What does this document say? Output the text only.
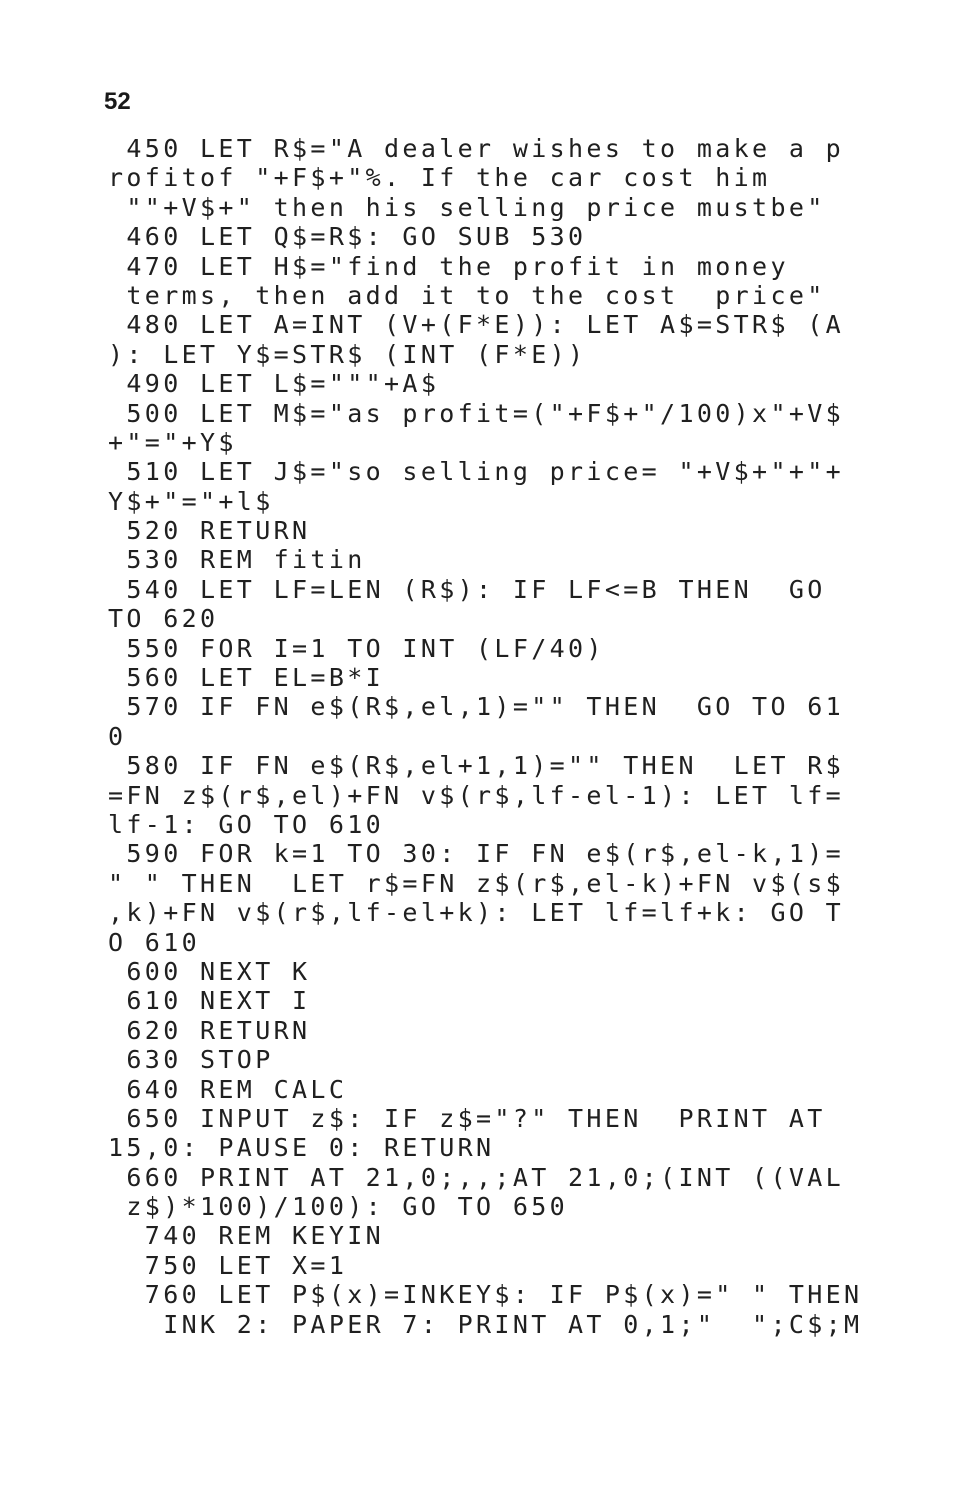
52
450 LET R$="A dealer wishes to make a p
rofitof "+F$+"%. If the car cost him
""+V$+" then his selling price mustbe"
460 LET Q$=R$: GO SUB 530
470 LET H$="find the profit in money
terms, then add it to the cost  price"
480 LET A=INT (V+(F*E)): LET A$=STR$ (A
): LET Y$=STR$ (INT (F*E))
490 LET L$="""+A$
500 LET M$="as profit=("+F$+"/100)x"+V$
+"="+Y$
510 LET J$="so selling price= "+V$+"+"+
Y$+"="+l$
520 RETURN
530 REM fitin
540 LET LF=LEN (R$): IF LF<=B THEN  GO
TO 620
550 FOR I=1 TO INT (LF/40)
560 LET EL=B*I
570 IF FN e$(R$,el,1)="" THEN  GO TO 61
0
580 IF FN e$(R$,el+1,1)="" THEN  LET R$
=FN z$(r$,el)+FN v$(r$,lf-el-1): LET lf=
lf-1: GO TO 610
590 FOR k=1 TO 30: IF FN e$(r$,el-k,1)=
" " THEN  LET r$=FN z$(r$,el-k)+FN v$(s$
,k)+FN v$(r$,lf-el+k): LET lf=lf+k: GO T
O 610
600 NEXT K
610 NEXT I
620 RETURN
630 STOP
640 REM CALC
650 INPUT z$: IF z$="?" THEN  PRINT AT
15,0: PAUSE 0: RETURN
660 PRINT AT 21,0;,,;AT 21,0;(INT ((VAL
z$)*100)/100): GO TO 650
740 REM KEYIN
750 LET X=1
760 LET P$(x)=INKEY$: IF P$(x)=" " THEN
INK 2: PAPER 7: PRINT AT 0,1;"  ";C$;M
